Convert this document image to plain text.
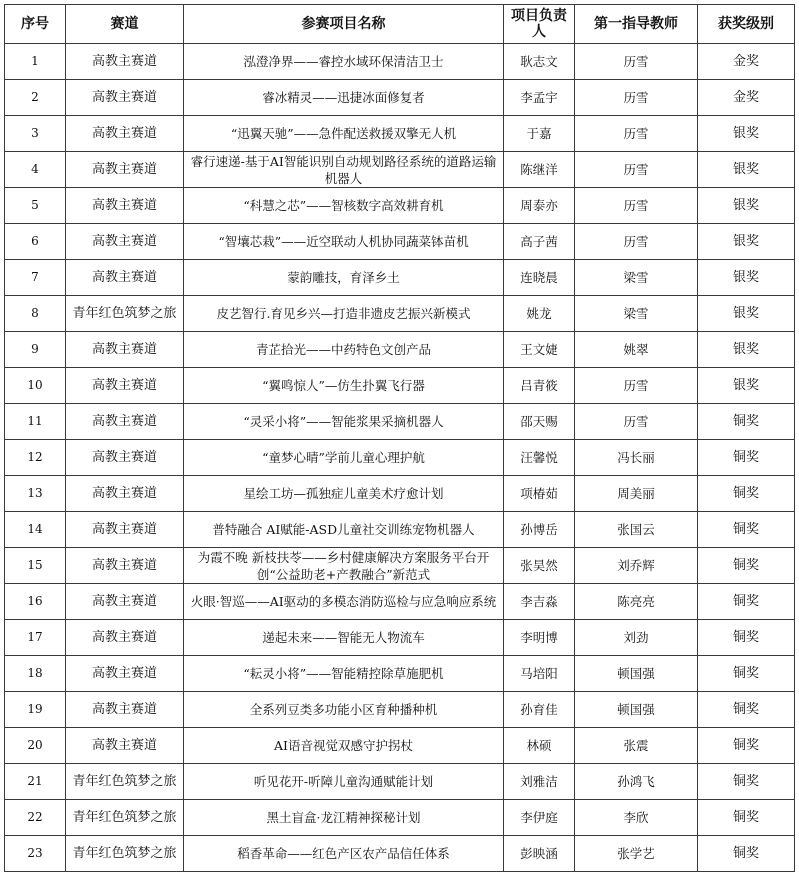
序号	赛道	参赛项目名称	项目负责人	第一指导教师	获奖级别
1	高教主赛道	泓澄净界——睿控水域环保清洁卫士	耿志文	历雪	金奖
2	高教主赛道	睿冰精灵——迅捷冰面修复者	李孟宇	历雪	金奖
3	高教主赛道	“迅翼天驰”——急件配送救援双擎无人机	于嘉	历雪	银奖
4	高教主赛道	睿行速递-基于AI智能识别自动规划路径系统的道路运输机器人	陈继洋	历雪	银奖
5	高教主赛道	“科慧之芯”——智核数字高效耕育机	周泰亦	历雪	银奖
6	高教主赛道	“智壤芯栽”——近空联动人机协同蔬菜钵苗机	高子茜	历雪	银奖
7	高教主赛道	蒙韵雕技，育泽乡土	连晓晨	梁雪	银奖
8	青年红色筑梦之旅	皮艺智行.育见乡兴—打造非遗皮艺振兴新模式	姚龙	梁雪	银奖
9	高教主赛道	青芷拾光——中药特色文创产品	王文婕	姚翠	银奖
10	高教主赛道	“翼鸣惊人”—仿生扑翼飞行器	吕青筱	历雪	银奖
11	高教主赛道	“灵采小将”——智能浆果采摘机器人	邵天赐	历雪	铜奖
12	高教主赛道	“童梦心晴”学前儿童心理护航	汪馨悦	冯长丽	铜奖
13	高教主赛道	星绘工坊—孤独症儿童美术疗愈计划	项椿茹	周美丽	铜奖
14	高教主赛道	普特融合 AI赋能-ASD儿童社交训练宠物机器人	孙博岳	张国云	铜奖
15	高教主赛道	为霞不晚 新枝扶苓——乡村健康解决方案服务平台开创“公益助老+产教融合”新范式	张昊然	刘乔辉	铜奖
16	高教主赛道	火眼·智巡——AI驱动的多模态消防巡检与应急响应系统	李吉淼	陈亮亮	铜奖
17	高教主赛道	递起未来——智能无人物流车	李明博	刘劲	铜奖
18	高教主赛道	“耘灵小将”——智能精控除草施肥机	马培阳	顿国强	铜奖
19	高教主赛道	全系列豆类多功能小区育种播种机	孙育佳	顿国强	铜奖
20	高教主赛道	AI语音视觉双感守护拐杖	林硕	张震	铜奖
21	青年红色筑梦之旅	听见花开-听障儿童沟通赋能计划	刘雅洁	孙鸿飞	铜奖
22	青年红色筑梦之旅	黑土盲盒·龙江精神探秘计划	李伊庭	李欣	铜奖
23	青年红色筑梦之旅	稻香革命——红色产区农产品信任体系	彭映涵	张学艺	铜奖
